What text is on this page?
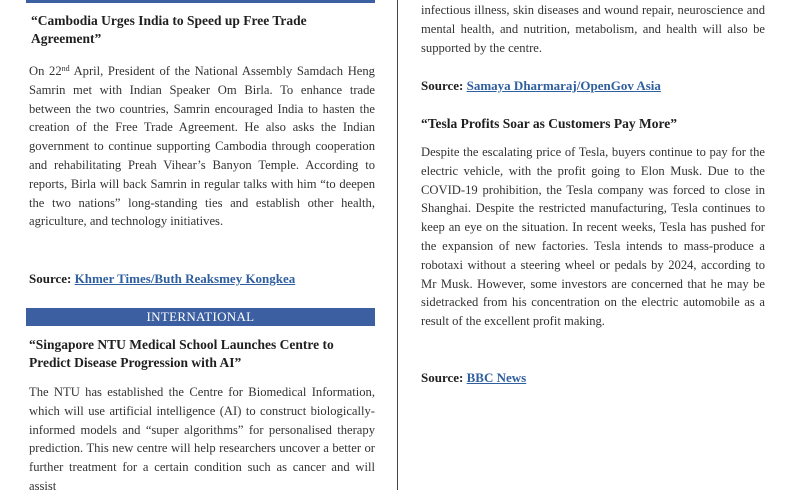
“Cambodia Urges India to Speed up Free Trade Agreement”

On 22nd April, President of the National Assembly Samdach Heng Samrin met with Indian Speaker Om Birla. To enhance trade between the two countries, Samrin encouraged India to hasten the creation of the Free Trade Agreement. He also asks the Indian government to continue supporting Cambodia through cooperation and rehabilitating Preah Vihear’s Banyon Temple. According to reports, Birla will back Samrin in regular talks with him “to deepen the two nations” long-standing ties and establish other health, agriculture, and technology initiatives.

Source: Khmer Times/Buth Reaksmey Kongkea
INTERNATIONAL
“Singapore NTU Medical School Launches Centre to Predict Disease Progression with AI”

The NTU has established the Centre for Biomedical Information, which will use artificial intelligence (AI) to construct biologically-informed models and “super algorithms” for personalised therapy prediction. This new centre will help researchers uncover a better or further treatment for a certain condition such as cancer and will assist

infectious illness, skin diseases and wound repair, neuroscience and mental health, and nutrition, metabolism, and health will also be supported by the centre.

Source: Samaya Dharmaraj/OpenGov Asia
“Tesla Profits Soar as Customers Pay More”

Despite the escalating price of Tesla, buyers continue to pay for the electric vehicle, with the profit going to Elon Musk. Due to the COVID-19 prohibition, the Tesla company was forced to close in Shanghai. Despite the restricted manufacturing, Tesla continues to keep an eye on the situation. In recent weeks, Tesla has pushed for the expansion of new factories. Tesla intends to mass-produce a robotaxi without a steering wheel or pedals by 2024, according to Mr Musk. However, some investors are concerned that he may be sidetracked from his concentration on the electric automobile as a result of the excellent profit making.

Source: BBC News
